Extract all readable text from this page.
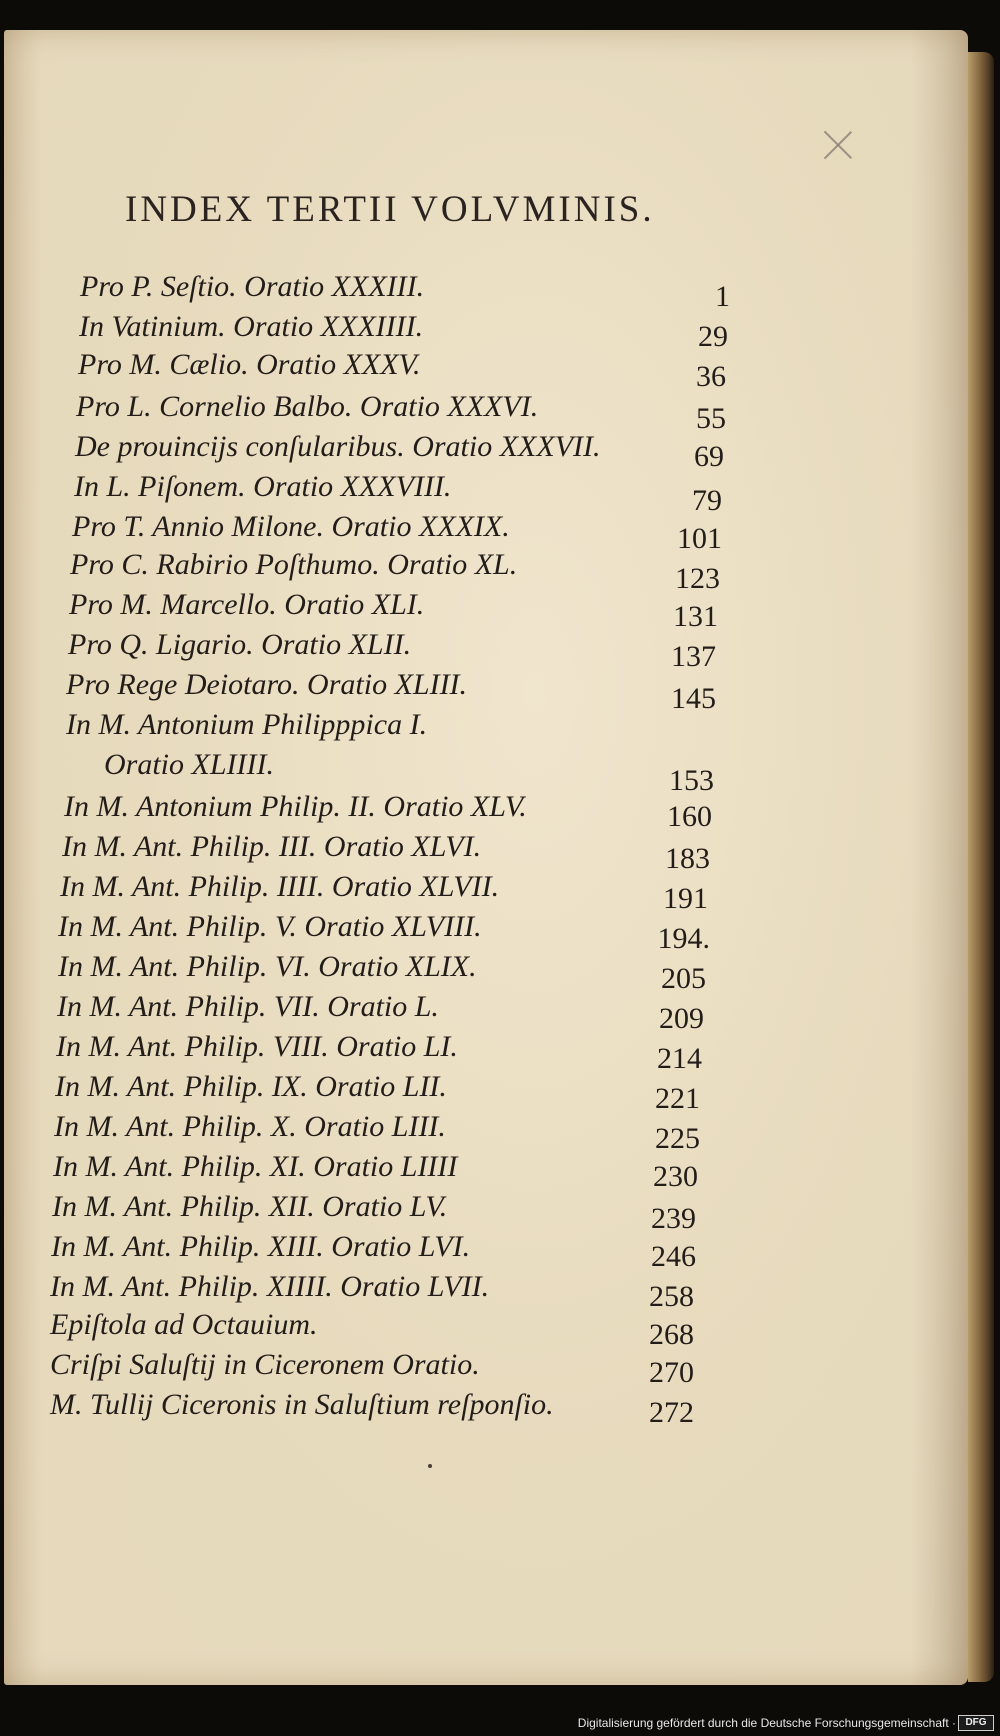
INDEX TERTII VOLVMINIS.
Pro P. Seſtio. Oratio XXXIII.	1
In Vatinium. Oratio XXXIIII.	29
Pro M. Cælio. Oratio XXXV.	36
Pro L. Cornelio Balbo. Oratio XXXVI.	55
De prouincijs conſularibus. Oratio XXXVII.	69
In L. Piſonem. Oratio XXXVIII.	79
Pro T. Annio Milone. Oratio XXXIX.	101
Pro C. Rabirio Poſthumo. Oratio XL.	123
Pro M. Marcello. Oratio XLI.	131
Pro Q. Ligario. Oratio XLII.	137
Pro Rege Deiotaro. Oratio XLIII.	145
In M. Antonium Philipppica I.
Oratio XLIIII.	153
In M. Antonium Philip. II. Oratio XLV.	160
In M. Ant. Philip. III. Oratio XLVI.	183
In M. Ant. Philip. IIII. Oratio XLVII.	191
In M. Ant. Philip. V. Oratio XLVIII.	194.
In M. Ant. Philip. VI. Oratio XLIX.	205
In M. Ant. Philip. VII. Oratio L.	209
In M. Ant. Philip. VIII. Oratio LI.	214
In M. Ant. Philip. IX. Oratio LII.	221
In M. Ant. Philip. X. Oratio LIII.	225
In M. Ant. Philip. XI. Oratio LIIII	230
In M. Ant. Philip. XII. Oratio LV.	239
In M. Ant. Philip. XIII. Oratio LVI.	246
In M. Ant. Philip. XIIII. Oratio LVII.	258
Epiſtola ad Octauium.	268
Criſpi Saluſtij in Ciceronem Oratio.	270
M. Tullij Ciceronis in Saluſtium reſponſio.	272
Digitalisierung gefördert durch die Deutsche Forschungsgemeinschaft · DFG
